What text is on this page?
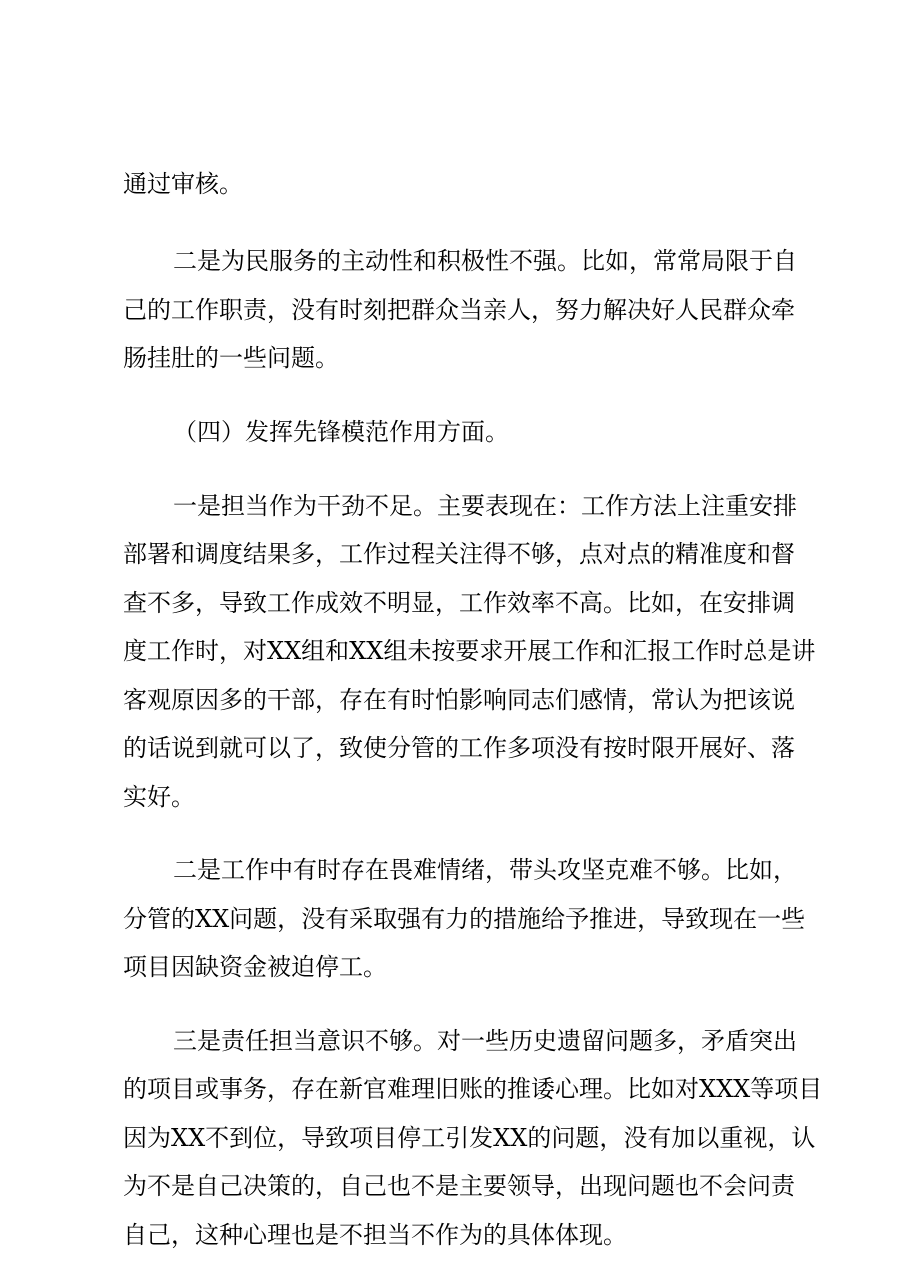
通过审核。
二是为民服务的主动性和积极性不强。比如，常常局限于自
己的工作职责，没有时刻把群众当亲人，努力解决好人民群众牵
肠挂肚的一些问题。
（四）发挥先锋模范作用方面。
一是担当作为干劲不足。主要表现在：工作方法上注重安排
部署和调度结果多，工作过程关注得不够，点对点的精准度和督
查不多，导致工作成效不明显，工作效率不高。比如，在安排调
度工作时，对XX组和XX组未按要求开展工作和汇报工作时总是讲
客观原因多的干部，存在有时怕影响同志们感情，常认为把该说
的话说到就可以了，致使分管的工作多项没有按时限开展好、落
实好。
二是工作中有时存在畏难情绪，带头攻坚克难不够。比如，
分管的XX问题，没有采取强有力的措施给予推进，导致现在一些
项目因缺资金被迫停工。
三是责任担当意识不够。对一些历史遗留问题多，矛盾突出
的项目或事务，存在新官难理旧账的推诿心理。比如对XXX等项目
因为XX不到位，导致项目停工引发XX的问题，没有加以重视，认
为不是自己决策的，自己也不是主要领导，出现问题也不会问责
自己，这种心理也是不担当不作为的具体体现。
